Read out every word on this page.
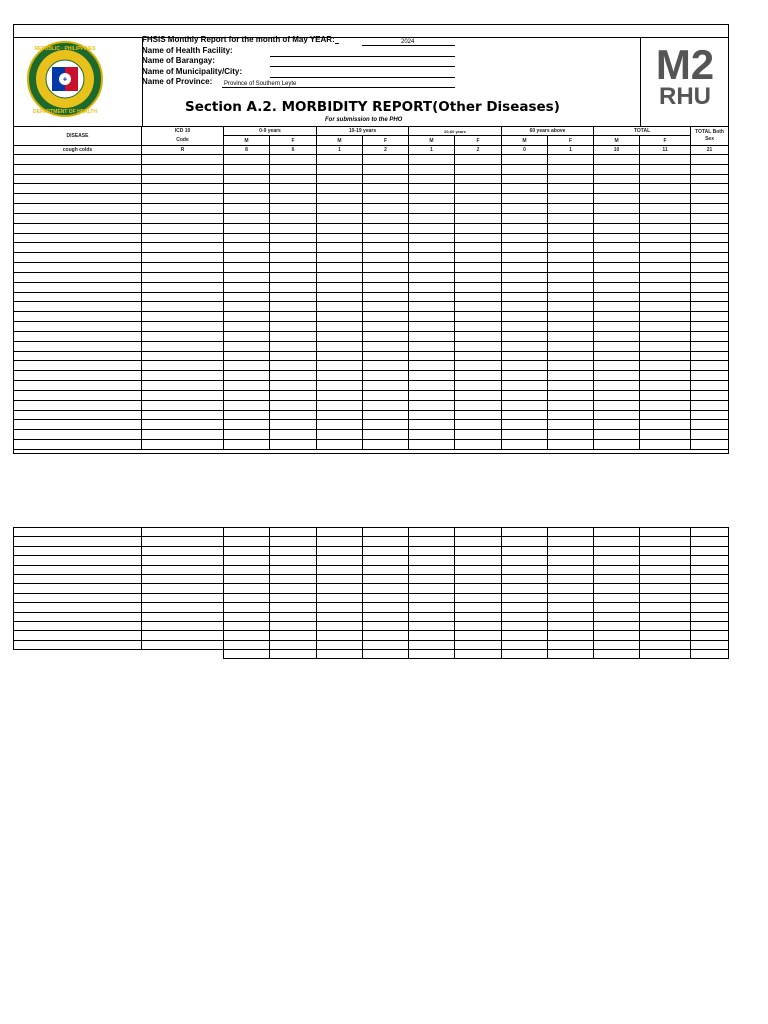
✚
REPUBLIC · PHILIPPINES
DEPARTMENT OF HEALTH
M2
RHU
FHSIS Monthly Report for the month of May YEAR:	2024
Name of Health Facility:
Name of Barangay:
Name of Municipality/City:
Name of Province: Province of Southern Leyte
Section A.2. MORBIDITY REPORT(Other Diseases)
For submission to the PHO
DISEASE	ICD 10	0-9 years		10-19 years		20-60 years		60 years above		TOTAL		TOTAL Both Sex
	Code	M	F	M	F	M	F	M	F	M	F	
cough colds	R	8	6	1	2	1	2	0	1	10	11	21
